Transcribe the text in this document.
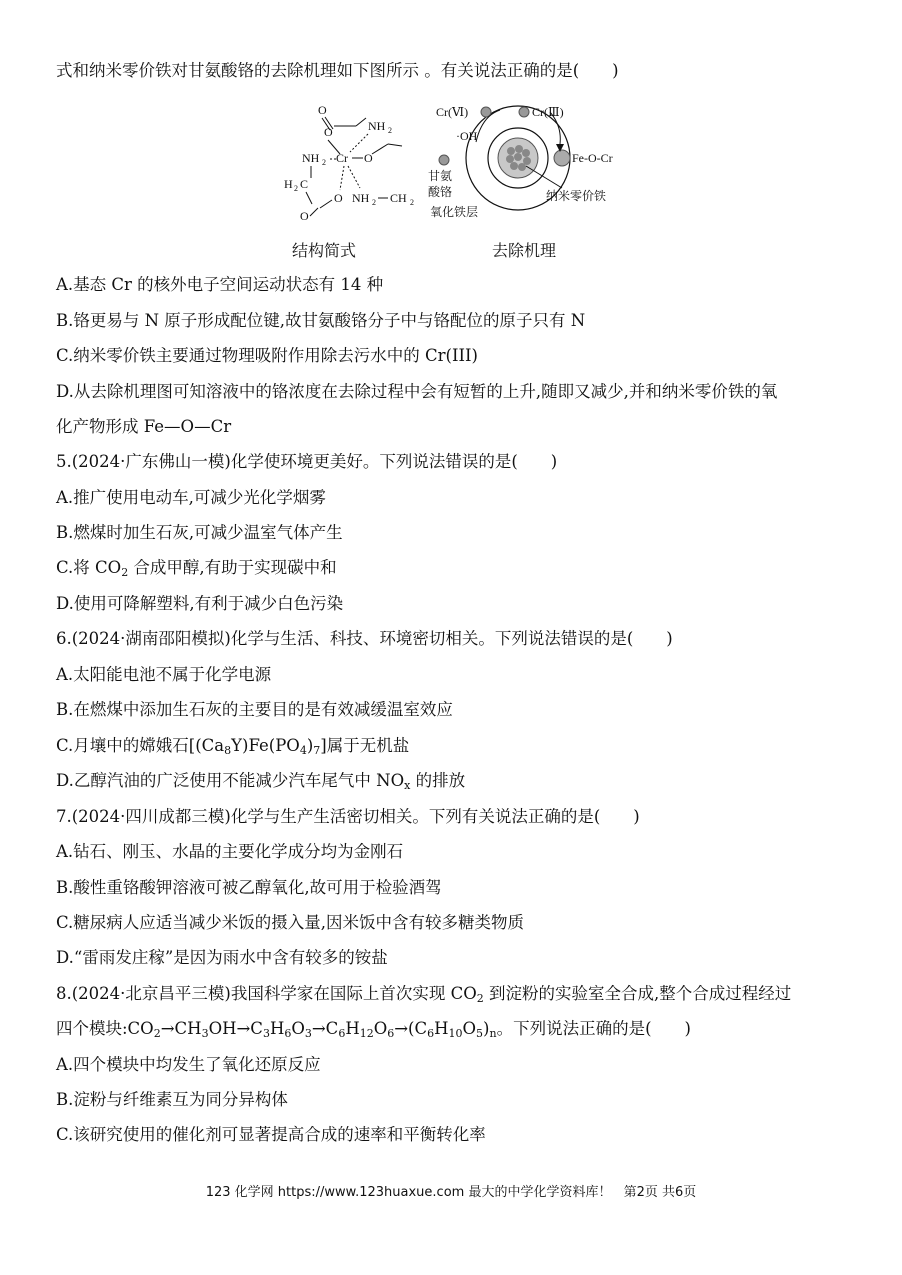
式和纳米零价铁对甘氨酸铬的去除机理如下图所示 。有关说法正确的是(　　)
O
O	NH 2
NH 2 Cr O
H 2 C
O NH 2 CH 2
O
Cr(Ⅵ)	Cr(Ⅲ)
·OH
Fe-O-Cr
甘氨
酸铬
氧化铁层
纳米零价铁
结构简式	去除机理
A.基态 Cr 的核外电子空间运动状态有 14 种
B.铬更易与 N 原子形成配位键,故甘氨酸铬分子中与铬配位的原子只有 N
C.纳米零价铁主要通过物理吸附作用除去污水中的 Cr(III)
D.从去除机理图可知溶液中的铬浓度在去除过程中会有短暂的上升,随即又减少,并和纳米零价铁的氧
化产物形成 Fe—O—Cr
5.(2024·广东佛山一模)化学使环境更美好。下列说法错误的是(　　)
A.推广使用电动车,可减少光化学烟雾
B.燃煤时加生石灰,可减少温室气体产生
C.将 $CO_2$ 合成甲醇,有助于实现碳中和
D.使用可降解塑料,有利于减少白色污染
6.(2024·湖南邵阳模拟)化学与生活、科技、环境密切相关。下列说法错误的是(　　)
A.太阳能电池不属于化学电源
B.在燃煤中添加生石灰的主要目的是有效减缓温室效应
C.月壤中的嫦娥石$[(Ca_8Y)Fe(PO_4)_7]$属于无机盐
D.乙醇汽油的广泛使用不能减少汽车尾气中 $NO_x$ 的排放
7.(2024·四川成都三模)化学与生产生活密切相关。下列有关说法正确的是(　　)
A.钻石、刚玉、水晶的主要化学成分均为金刚石
B.酸性重铬酸钾溶液可被乙醇氧化,故可用于检验酒驾
C.糖尿病人应适当减少米饭的摄入量,因米饭中含有较多糖类物质
D.“雷雨发庄稼”是因为雨水中含有较多的铵盐
8.(2024·北京昌平三模)我国科学家在国际上首次实现 $CO_2$ 到淀粉的实验室全合成,整个合成过程经过
四个模块$:CO_2\to CH_3OH\to C_3H_6O_3\to C_6H_{12}O_6\to(C_6H_{10}O_5)_n$。下列说法正确的是(　　)
A.四个模块中均发生了氧化还原反应
B.淀粉与纤维素互为同分异构体
C.该研究使用的催化剂可显著提高合成的速率和平衡转化率
123 化学网 https://www.123huaxue.com 最大的中学化学资料库！ 第2页 共6页
